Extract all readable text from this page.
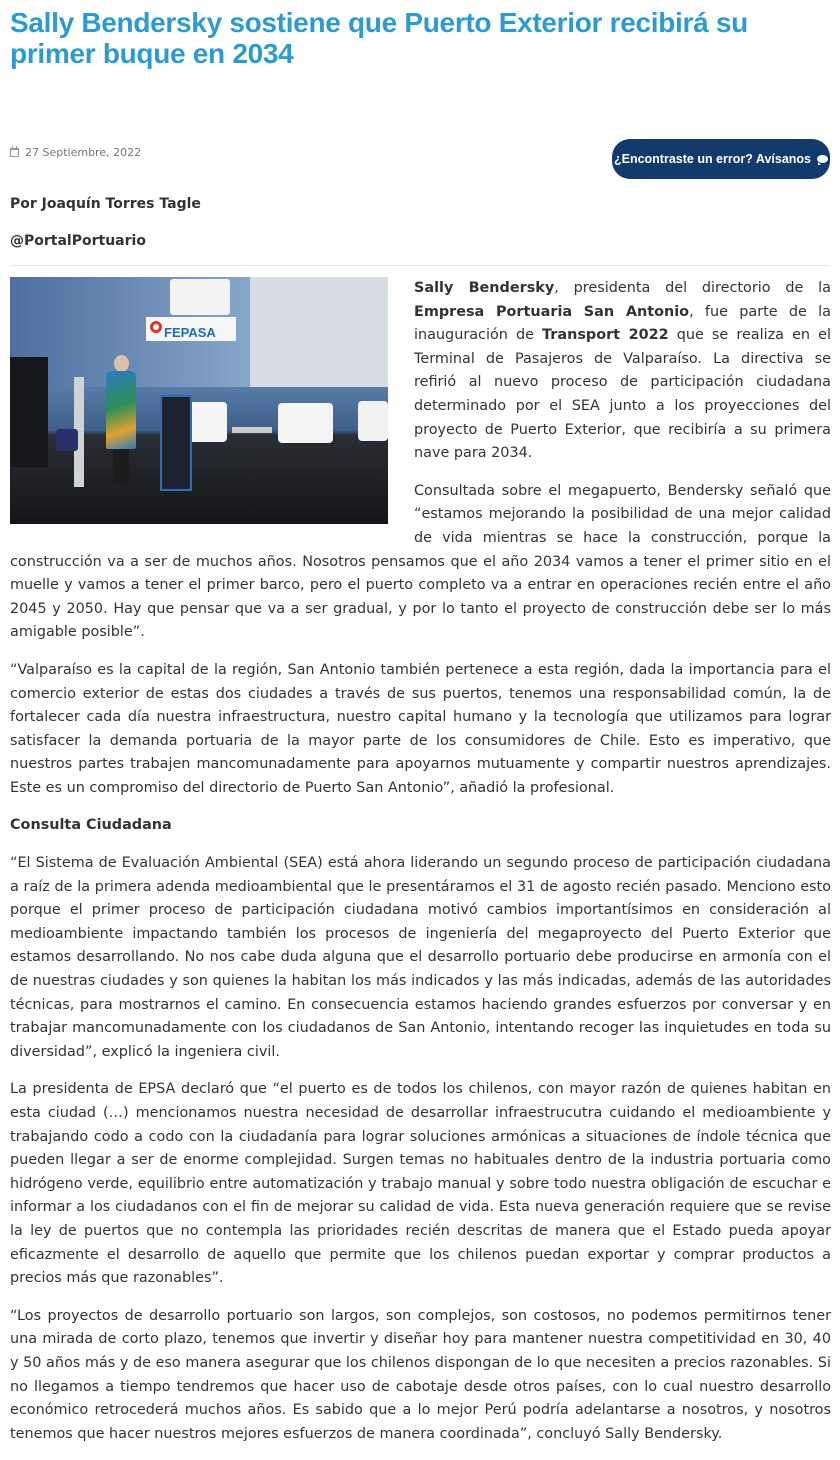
Sally Bendersky sostiene que Puerto Exterior recibirá su primer buque en 2034
27 Septiembre, 2022	¿Encontraste un error? Avísanos
Por Joaquín Torres Tagle
@PortalPortuario
FEPASA

Sally Bendersky, presidenta del directorio de la Empresa Portuaria San Antonio, fue parte de la inauguración de Transport 2022 que se realiza en el Terminal de Pasajeros de Valparaíso. La directiva se refirió al nuevo proceso de participación ciudadana determinado por el SEA junto a los proyecciones del proyecto de Puerto Exterior, que recibiría a su primera nave para 2034.

Consultada sobre el megapuerto, Bendersky señaló que “estamos mejorando la posibilidad de una mejor calidad de vida mientras se hace la construcción, porque la construcción va a ser de muchos años. Nosotros pensamos que el año 2034 vamos a tener el primer sitio en el muelle y vamos a tener el primer barco, pero el puerto completo va a entrar en operaciones recién entre el año 2045 y 2050. Hay que pensar que va a ser gradual, y por lo tanto el proyecto de construcción debe ser lo más amigable posible”.

“Valparaíso es la capital de la región, San Antonio también pertenece a esta región, dada la importancia para el comercio exterior de estas dos ciudades a través de sus puertos, tenemos una responsabilidad común, la de fortalecer cada día nuestra infraestructura, nuestro capital humano y la tecnología que utilizamos para lograr satisfacer la demanda portuaria de la mayor parte de los consumidores de Chile. Esto es imperativo, que nuestros partes trabajen mancomunadamente para apoyarnos mutuamente y compartir nuestros aprendizajes. Este es un compromiso del directorio de Puerto San Antonio”, añadió la profesional.

Consulta Ciudadana

“El Sistema de Evaluación Ambiental (SEA) está ahora liderando un segundo proceso de participación ciudadana a raíz de la primera adenda medioambiental que le presentáramos el 31 de agosto recién pasado. Menciono esto porque el primer proceso de participación ciudadana motivó cambios importantísimos en consideración al medioambiente impactando también los procesos de ingeniería del megaproyecto del Puerto Exterior que estamos desarrollando. No nos cabe duda alguna que el desarrollo portuario debe producirse en armonía con el de nuestras ciudades y son quienes la habitan los más indicados y las más indicadas, además de las autoridades técnicas, para mostrarnos el camino. En consecuencia estamos haciendo grandes esfuerzos por conversar y en trabajar mancomunadamente con los ciudadanos de San Antonio, intentando recoger las inquietudes en toda su diversidad”, explicó la ingeniera civil.

La presidenta de EPSA declaró que “el puerto es de todos los chilenos, con mayor razón de quienes habitan en esta ciudad (…) mencionamos nuestra necesidad de desarrollar infraestrucutra cuidando el medioambiente y trabajando codo a codo con la ciudadanía para lograr soluciones armónicas a situaciones de índole técnica que pueden llegar a ser de enorme complejidad. Surgen temas no habituales dentro de la industria portuaria como hidrógeno verde, equilibrio entre automatización y trabajo manual y sobre todo nuestra obligación de escuchar e informar a los ciudadanos con el fin de mejorar su calidad de vida. Esta nueva generación requiere que se revise la ley de puertos que no contempla las prioridades recién descritas de manera que el Estado pueda apoyar eficazmente el desarrollo de aquello que permite que los chilenos puedan exportar y comprar productos a precios más que razonables”.

“Los proyectos de desarrollo portuario son largos, son complejos, son costosos, no podemos permitirnos tener una mirada de corto plazo, tenemos que invertir y diseñar hoy para mantener nuestra competitividad en 30, 40 y 50 años más y de eso manera asegurar que los chilenos dispongan de lo que necesiten a precios razonables. Si no llegamos a tiempo tendremos que hacer uso de cabotaje desde otros países, con lo cual nuestro desarrollo económico retrocederá muchos años. Es sabido que a lo mejor Perú podría adelantarse a nosotros, y nosotros tenemos que hacer nuestros mejores esfuerzos de manera coordinada”, concluyó Sally Bendersky.
